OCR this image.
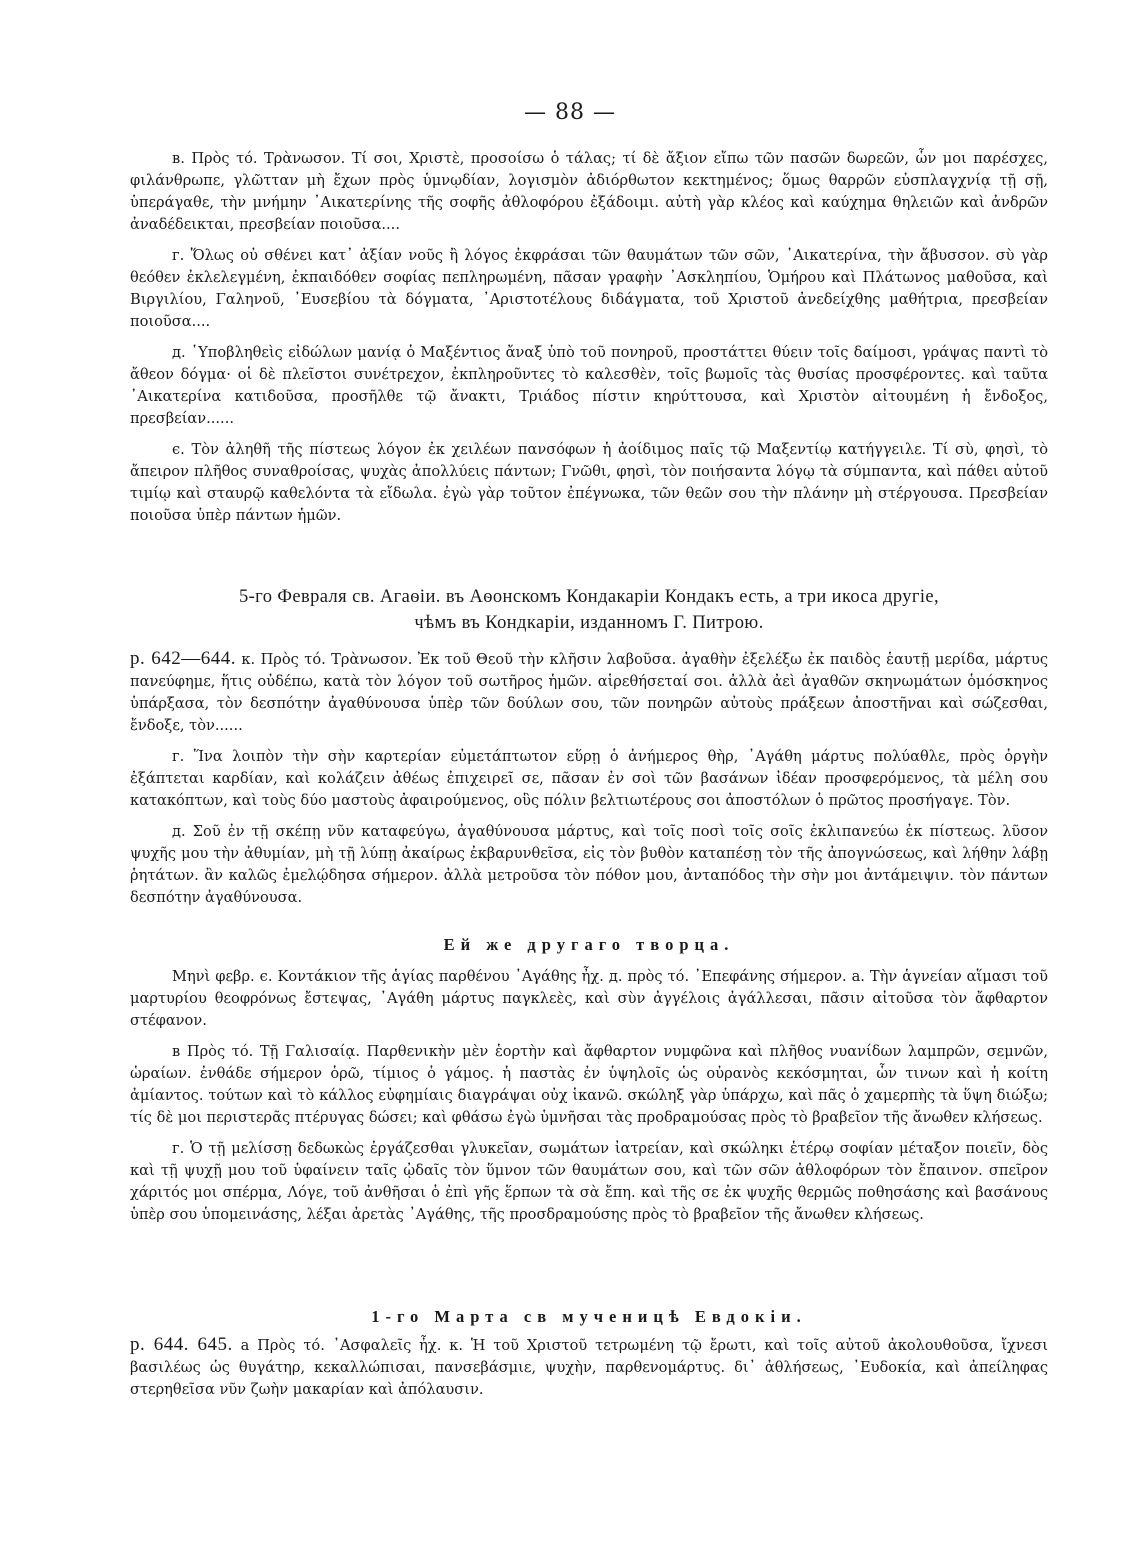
— 88 —

в. Πρὸς τό. Τρὰνωσον. Τί σοι, Χριστὲ, προσοίσω ὁ τάλας; τί δὲ ἄξιον εἴπω τῶν πασῶν δωρεῶν, ὧν μοι παρέσχες, φιλάνθρωπε, γλῶτταν μὴ ἔχων πρὸς ὑμνῳδίαν, λογισμὸν ἀδιόρθωτον κεκτημένος; ὅμως θαρρῶν εὐσπλαγχνίᾳ τῇ σῇ, ὑπεράγαθε, τὴν μνήμην ᾿Αικατερίνης τῆς σοφῆς ἀθλοφόρου ἐξάδοιμι. αὐτὴ γὰρ κλέος καὶ καύχημα θηλειῶν καὶ ἀνδρῶν ἀναδέδεικται, πρεσβείαν ποιοῦσα....

г. Ὅλως οὐ σθένει κατ᾿ ἀξίαν νοῦς ἢ λόγος ἐκφράσαι τῶν θαυμάτων τῶν σῶν, ᾿Αικατερίνα, τὴν ἄβυσσον. σὺ γὰρ θεόθεν ἐκλελεγμένη, ἐκπαιδόθεν σοφίας πεπληρωμένη, πᾶσαν γραφὴν ᾿Ασκληπίου, Ὁμήρου καὶ Πλάτωνος μαθοῦσα, καὶ Βιργιλίου, Γαληνοῦ, ᾿Ευσεβίου τὰ δόγματα, ᾿Αριστοτέλους διδάγματα, τοῦ Χριστοῦ ἀνεδείχθης μαθήτρια, πρεσβείαν ποιοῦσα....

д. ῾Υποβληθεὶς εἰδώλων μανίᾳ ὁ Μαξέντιος ἄναξ ὑπὸ τοῦ πονηροῦ, προστάττει θύειν τοῖς δαίμοσι, γράψας παντὶ τὸ ἄθεον δόγμα· οἱ δὲ πλεῖστοι συνέτρεχον, ἐκπληροῦντες τὸ καλεσθὲν, τοῖς βωμοῖς τὰς θυσίας προσφέροντες. καὶ ταῦτα ᾿Αικατερίνα κατιδοῦσα, προσῆλθε τῷ ἄνακτι, Τριάδος πίστιν κηρύττουσα, καὶ Χριστὸν αἰτουμένη ἡ ἔνδοξος, πρεσβείαν......

є. Τὸν ἀληθῆ τῆς πίστεως λόγον ἐκ χειλέων πανσόφων ἡ ἀοίδιμος παῖς τῷ Μαξεντίῳ κατήγγειλε. Τί σὺ, φησὶ, τὸ ἄπειρον πλῆθος συναθροίσας, ψυχὰς ἀπολλύεις πάντων; Γνῶθι, φησὶ, τὸν ποιήσαντα λόγῳ τὰ σύμπαντα, καὶ πάθει αὐτοῦ τιμίῳ καὶ σταυρῷ καθελόντα τὰ εἴδωλα. ἐγὼ γὰρ τοῦτον ἐπέγνωκα, τῶν θεῶν σου τὴν πλάνην μὴ στέργουσα. Πρεσβείαν ποιοῦσα ὑπὲρ πάντων ἡμῶν.

5-го Февраля св. Агаѳіи. въ Аѳонскомъ Кондакаріи Кондакъ есть, а три икоса другіе,

чѣмъ въ Кондкаріи, изданномъ Г. Питрою.

р. 642—644. к. Πρὸς τό. Τρὰνωσον. Ἐκ τοῦ Θεοῦ τὴν κλῆσιν λαβοῦσα. ἀγαθὴν ἐξελέξω ἐκ παιδὸς ἑαυτῇ μερίδα, μάρτυς πανεύφημε, ἥτις οὐδέπω, κατὰ τὸν λόγον τοῦ σωτῆρος ἡμῶν. αἱρεθήσεταί σοι. ἀλλὰ ἀεὶ ἀγαθῶν σκηνωμάτων ὁμόσκηνος ὑπάρξασα, τὸν δεσπότην ἀγαθύνουσα ὑπὲρ τῶν δούλων σου, τῶν πονηρῶν αὐτοὺς πράξεων ἀποστῆναι καὶ σώζεσθαι, ἔνδοξε, τὸν......

г. Ἵνα λοιπὸν τὴν σὴν καρτερίαν εὐμετάπτωτον εὕρῃ ὁ ἀνήμερος θὴρ, ᾿Αγάθη μάρτυς πολύαθλε, πρὸς ὀργὴν ἐξάπτεται καρδίαν, καὶ κολάζειν ἀθέως ἐπιχειρεῖ σε, πᾶσαν ἐν σοὶ τῶν βασάνων ἰδέαν προσφερόμενος, τὰ μέλη σου κατακόπτων, καὶ τοὺς δύο μαστοὺς ἀφαιρούμενος, οὓς πόλιν βελτιωτέρους σοι ἀποστόλων ὁ πρῶτος προσήγαγε. Τὸν.

д. Σοῦ ἐν τῇ σκέπῃ νῦν καταφεύγω, ἀγαθύνουσα μάρτυς, καὶ τοῖς ποσὶ τοῖς σοῖς ἐκλιπανεύω ἐκ πίστεως. λῦσον ψυχῆς μου τὴν ἀθυμίαν, μὴ τῇ λύπῃ ἀκαίρως ἐκβαρυνθεῖσα, εἰς τὸν βυθὸν καταπέσῃ τὸν τῆς ἀπογνώσεως, καὶ λήθην λάβῃ ῥητάτων. ἂν καλῶς ἐμελῴδησα σήμερον. ἀλλὰ μετροῦσα τὸν πόθον μου, ἀνταπόδος τὴν σὴν μοι ἀντάμειψιν. τὸν πάντων δεσπότην ἀγαθύνουσα.

Ей же другаго творца.

Μηνὶ φεβρ. є. Κοντάκιον τῆς ἁγίας παρθένου ᾿Αγάθης ἦχ. д. πρὸς τό. ᾿Επεφάνης σήμερον. а. Τὴν ἁγνείαν αἵμασι τοῦ μαρτυρίου θεοφρόνως ἔστεψας, ᾿Αγάθη μάρτυς παγκλεὲς, καὶ σὺν ἀγγέλοις ἀγάλλεσαι, πᾶσιν αἰτοῦσα τὸν ἄφθαρτον στέφανον.

в Πρὸς τό. Τῇ Γαλισαίᾳ. Παρθενικὴν μὲν ἑορτὴν καὶ ἄφθαρτον νυμφῶνα καὶ πλῆθος νυανίδων λαμπρῶν, σεμνῶν, ὡραίων. ἐνθάδε σήμερον ὁρῶ, τίμιος ὁ γάμος. ἡ παστὰς ἐν ὑψηλοῖς ὡς οὐρανὸς κεκόσμηται, ὧν τινων καὶ ἡ κοίτη ἀμίαντος. τούτων καὶ τὸ κάλλος εὐφημίαις διαγράψαι οὐχ ἱκανῶ. σκώληξ γὰρ ὑπάρχω, καὶ πᾶς ὁ χαμερπὴς τὰ ὕψη διώξω; τίς δὲ μοι περιστερᾶς πτέρυγας δώσει; καὶ φθάσω ἐγὼ ὑμνῆσαι τὰς προδραμούσας πρὸς τὸ βραβεῖον τῆς ἄνωθεν κλήσεως.

г. Ὁ τῇ μελίσσῃ δεδωκὼς ἐργάζεσθαι γλυκεῖαν, σωμάτων ἰατρείαν, καὶ σκώληκι ἑτέρῳ σοφίαν μέταξον ποιεῖν, δὸς καὶ τῇ ψυχῇ μου τοῦ ὑφαίνειν ταῖς ᾠδαῖς τὸν ὕμνον τῶν θαυμάτων σου, καὶ τῶν σῶν ἀθλοφόρων τὸν ἔπαινον. σπεῖρον χάριτός μοι σπέρμα, Λόγε, τοῦ ἀνθῆσαι ὁ ἐπὶ γῆς ἕρπων τὰ σὰ ἔπη. καὶ τῆς σε ἐκ ψυχῆς θερμῶς ποθησάσης καὶ βασάνους ὑπὲρ σου ὑπομεινάσης, λέξαι ἀρετὰς ᾿Αγάθης, τῆς προσδραμούσης πρὸς τὸ βραβεῖον τῆς ἄνωθεν κλήσεως.

1-го Марта св мученицѣ Евдокіи.

р. 644. 645. а Πρὸς τό. ᾿Ασφαλεῖς ἦχ. к. Ἡ τοῦ Χριστοῦ τετρωμένη τῷ ἔρωτι, καὶ τοῖς αὐτοῦ ἀκολουθοῦσα, ἴχνεσι βασιλέως ὡς θυγάτηρ, κεκαλλώπισαι, πανσεβάσμιε, ψυχὴν, παρθενομάρτυς. δι᾿ ἀθλήσεως, ᾿Ευδοκία, καὶ ἀπείληφας στερηθεῖσα νῦν ζωὴν μακαρίαν καὶ ἀπόλαυσιν.
